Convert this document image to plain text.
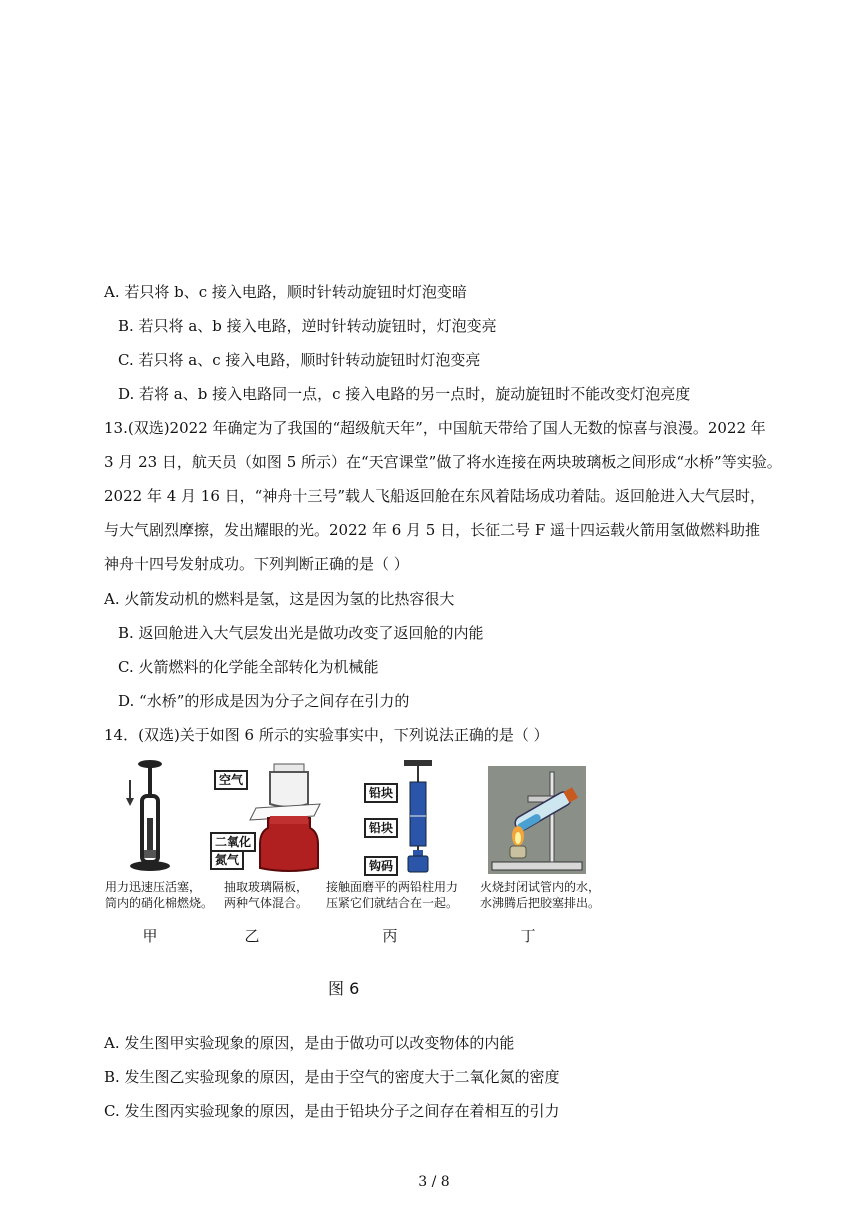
A. 若只将 b、c 接入电路，顺时针转动旋钮时灯泡变暗
B. 若只将 a、b 接入电路，逆时针转动旋钮时，灯泡变亮
C. 若只将 a、c 接入电路，顺时针转动旋钮时灯泡变亮
D. 若将 a、b 接入电路同一点，c 接入电路的另一点时，旋动旋钮时不能改变灯泡亮度
13.(双选)2022 年确定为了我国的“超级航天年”，中国航天带给了国人无数的惊喜与浪漫。2022 年
3 月 23 日，航天员（如图 5 所示）在“天宫课堂”做了将水连接在两块玻璃板之间形成“水桥”等实验。
2022 年 4 月 16 日，“神舟十三号”载人飞船返回舱在东风着陆场成功着陆。返回舱进入大气层时，
与大气剧烈摩擦，发出耀眼的光。2022 年 6 月 5 日，长征二号 F 遥十四运载火箭用氢做燃料助推
神舟十四号发射成功。下列判断正确的是（ ）
A. 火箭发动机的燃料是氢，这是因为氢的比热容很大
B. 返回舱进入大气层发出光是做功改变了返回舱的内能
C. 火箭燃料的化学能全部转化为机械能
D. “水桥”的形成是因为分子之间存在引力的
14．(双选)关于如图 6 所示的实验事实中，下列说法正确的是（ ）
用力迅速压活塞，
筒内的硝化棉燃烧。
甲
空气
二氧化
氮气
抽取玻璃隔板，
两种气体混合。
乙
铅块
铅块
钩码
接触面磨平的两铅柱用力
压紧它们就结合在一起。
丙
火烧封闭试管内的水，
水沸腾后把胶塞排出。
丁
图 6
A. 发生图甲实验现象的原因，是由于做功可以改变物体的内能
B. 发生图乙实验现象的原因，是由于空气的密度大于二氧化氮的密度
C. 发生图丙实验现象的原因，是由于铅块分子之间存在着相互的引力
3 / 8
